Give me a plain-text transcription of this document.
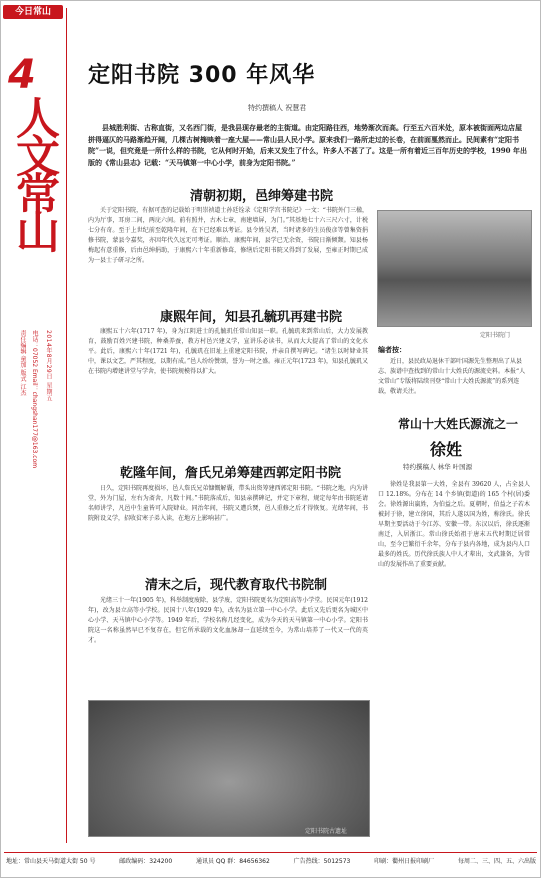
今日常山
4
人文常山
2014年8月29日 星期五
电话：07052 Email：changshan177@163.com
责任编辑 童加 版式 江杰
定阳书院 300 年风华
特约撰稿人 祝慧君
县城胜利街、古称直街，又名西门街，是我县现存最老的主街道。由定阳路往西，地势渐次而高。行至五六百米处，原本被街面两边店屋拼得逼仄的马路渐趋开阔，几棵古树掩映着一座大屋——常山县人民小学。原来我们一路所走过的长卷，在前面戛然而止。民间素有“定阳书院”一说，但究竟是一所什么样的书院，它从何时开始，后来又发生了什么，许多人不甚了了。这是一所有着近三百年历史的学校，1990 年出版的《常山县志》记载：“天马镇第一中心小学，前身为定阳书院。”
清朝初期，邑绅筹建书院
关于定阳书院，有据可查的记载始于明崇祯道士孙廷铨录《定阳学宫书院记》一文：“书院外门三楹，内为厅事，耳房二间，两庑六间。前有照井，古木七章，南建墙屏，为门。”其基地七十六三尺六寸，计税七分有奇。至于上世纪前至乾隆年间，在下已经难以考证。县令姓吴者，当时诸多的生员俊彦等曾集资捐修书院，蒙县令嘉奖，亦因年代久远无可考证。顺治、康熙年间，县学已无余资，书院日渐倾颓。知县杨梅起有意重修，后由邑绅捐助，于康熙六十年重新修葺，修缮后定阳书院又得到了发展，至雍正时期已成为一县士子研习之所。
定阳书院门
康熙年间，知县孔毓玑再建书院
康熙五十六年(1717 年)，身为江阴进士的孔毓玑任常山知县一职。孔毓玑来到常山后，大力发展教育，鼓励百姓兴建书院，种桑养蚕，教方村邑兴建义学，宣讲乐必读书，从而大大提高了常山的文化水平。此后，康熙六十年(1721 年)，孔毓玑在旧址上重建定阳书院，并亲自撰写碑记。“诸生以时肄业其中，课以文艺，严其程度，以期有成。”邑人纷纷赞颂，誉为一时之盛。雍正元年(1723 年)，知县孔毓玑又在书院内增建讲堂与学舍，使书院规模得以扩大。
乾隆年间，詹氏兄弟筹建西郭定阳书院
日久，定阳书院再度损坏，邑人詹氏兄弟慷慨解囊，带头出资筹建西郭定阳书院。“书院之地，内为讲堂，外为门屋，左右为斋舍，凡数十间。”书院落成后，知县亲撰碑记，并定下章程，规定每年由书院延请名师讲学，凡邑中生童皆可入院肄业。同治年间，书院又遭兵燹，邑人重修之后才得恢复。光绪年间，书院附设义学，招收贫寒子弟入读，在地方上影响甚广。
清末之后，现代教育取代书院制
光绪三十一年(1905 年)，科举制度废除，县学废，定阳书院更名为定阳高等小学堂。民国元年(1912年)，改为县立高等小学校。民国十八年(1929 年)，改名为县立第一中心小学。此后又先后更名为城区中心小学、天马镇中心小学等。1949 年后，学校名称几经变化，成为今天的天马镇第一中心小学。定阳书院这一名称虽然早已不复存在，但它所承载的文化血脉却一直延续至今，为常山培养了一代又一代的英才。
定阳书院古遗址
编者按：
近日，县民政局退休干部叶国源先生整理出了从县志、族谱中查找到的常山十大姓氏的源流史料。本报“人文常山”专版将陆续刊登“常山十大姓氏源流”的系列连载，敬请关注。
常山十大姓氏源流之一
徐姓
特约撰稿人 林华 叶国源
徐姓是我县第一大姓，全县有 39620 人，占全县人口 12.18%。分布在 14 个乡镇(街道)的 165 个村(居)委会。徐姓源出嬴姓，为伯益之后。夏朝时，伯益之子若木被封于徐，建立徐国，其后人遂以国为姓，称徐氏。徐氏早期主要活动于今江苏、安徽一带。东汉以后，徐氏逐渐南迁，入居浙江。常山徐氏始祖于唐末五代时期迁居常山，至今已繁衍千余年，分布于县内各地，成为县内人口最多的姓氏。历代徐氏族人中人才辈出，文武兼备，为常山的发展作出了重要贡献。
地址：常山县天马街道大街 50 号	邮政编码：324200	通讯员 QQ 群：84656362	广告热线：5012573	印刷：衢州日报印刷厂	每周二、三、四、五、六出版
